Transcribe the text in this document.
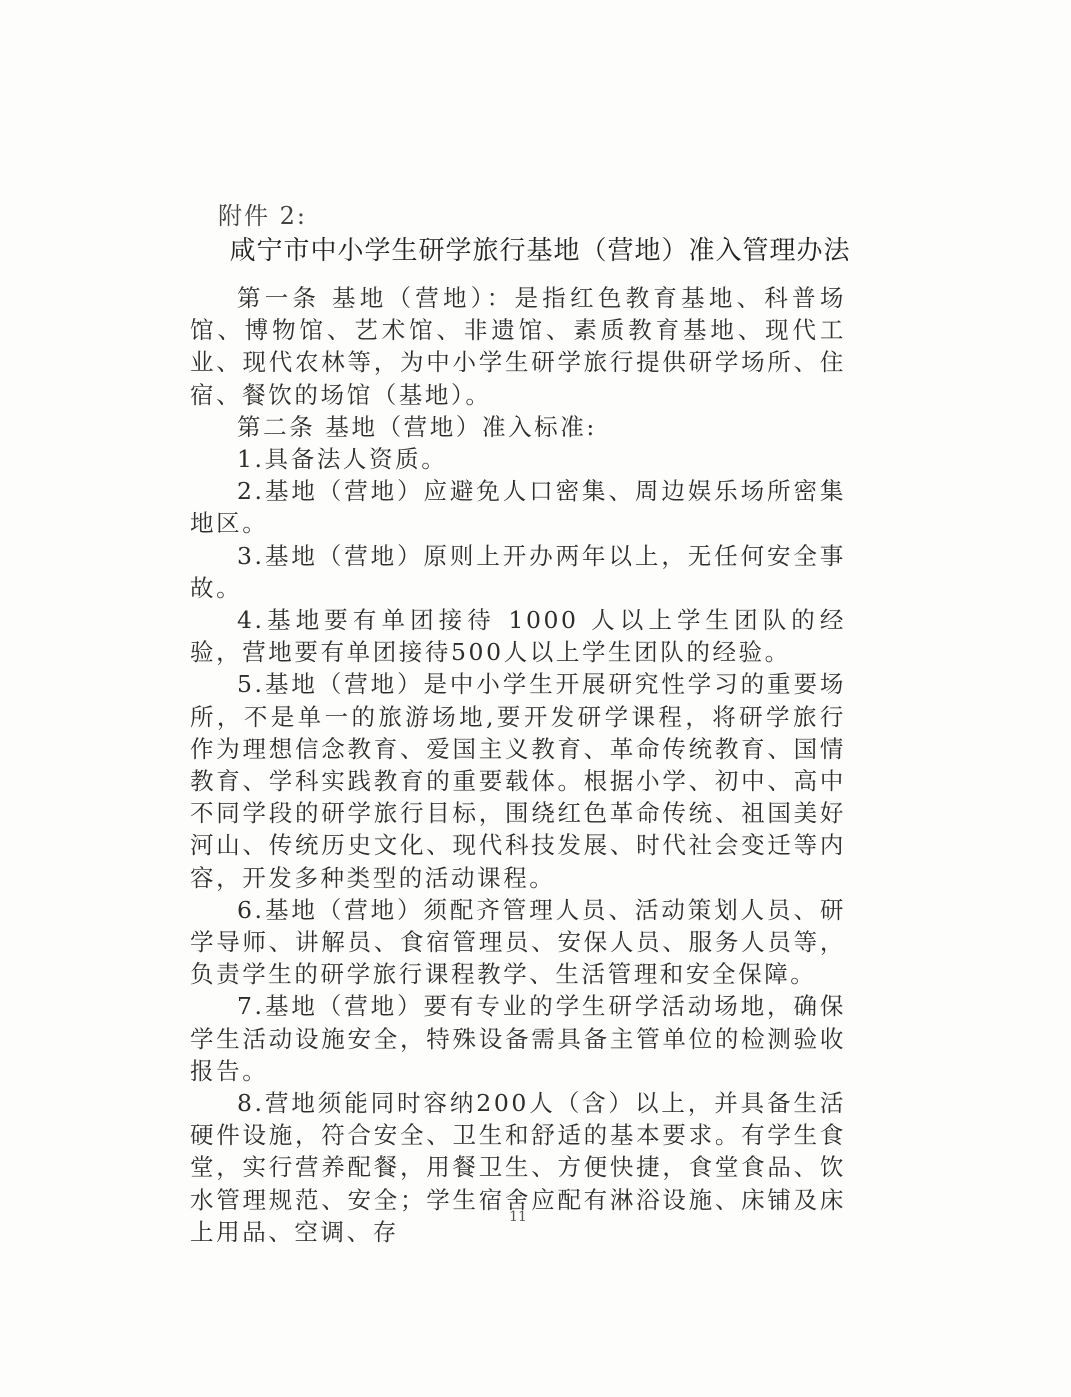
附件 2:
咸宁市中小学生研学旅行基地（营地）准入管理办法

第一条 基地（营地）：是指红色教育基地、科普场馆、博物馆、艺术馆、非遗馆、素质教育基地、现代工业、现代农林等，为中小学生研学旅行提供研学场所、住宿、餐饮的场馆（基地）。

第二条 基地（营地）准入标准:

1.具备法人资质。

2.基地（营地）应避免人口密集、周边娱乐场所密集地区。

3.基地（营地）原则上开办两年以上，无任何安全事故。

4.基地要有单团接待 1000 人以上学生团队的经验，营地要有单团接待500人以上学生团队的经验。

5.基地（营地）是中小学生开展研究性学习的重要场所，不是单一的旅游场地,要开发研学课程，将研学旅行作为理想信念教育、爱国主义教育、革命传统教育、国情教育、学科实践教育的重要载体。根据小学、初中、高中不同学段的研学旅行目标，围绕红色革命传统、祖国美好河山、传统历史文化、现代科技发展、时代社会变迁等内容，开发多种类型的活动课程。

6.基地（营地）须配齐管理人员、活动策划人员、研学导师、讲解员、食宿管理员、安保人员、服务人员等，负责学生的研学旅行课程教学、生活管理和安全保障。

7.基地（营地）要有专业的学生研学活动场地，确保学生活动设施安全，特殊设备需具备主管单位的检测验收报告。

8.营地须能同时容纳200人（含）以上，并具备生活硬件设施，符合安全、卫生和舒适的基本要求。有学生食堂，实行营养配餐，用餐卫生、方便快捷，食堂食品、饮水管理规范、安全；学生宿舍应配有淋浴设施、床铺及床上用品、空调、存

11
